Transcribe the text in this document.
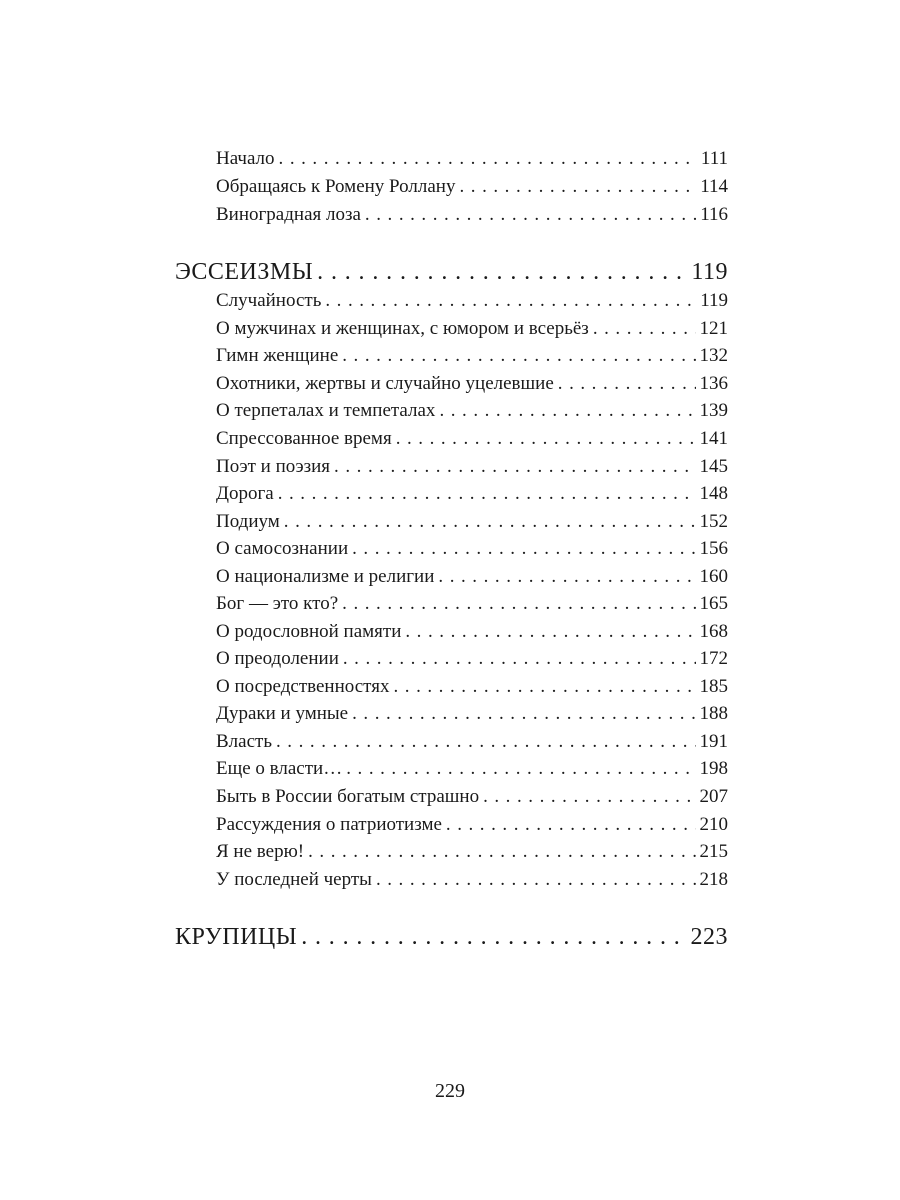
Начало . . .	111
Обращаясь к Ромену Роллану . . .	114
Виноградная лоза . . .	116
ЭССЕИЗМЫ . . .	119
Случайность . . .	119
О мужчинах и женщинах, с юмором и всерьёз . . .	121
Гимн женщине . . .	132
Охотники, жертвы и случайно уцелевшие . . .	136
О терпеталах и темпеталах . . .	139
Спрессованное время . . .	141
Поэт и поэзия . . .	145
Дорога . . .	148
Подиум . . .	152
О самосознании . . .	156
О национализме и религии . . .	160
Бог — это кто? . . .	165
О родословной памяти . . .	168
О преодолении . . .	172
О посредственностях . . .	185
Дураки и умные . . .	188
Власть . . .	191
Еще о власти… . . .	198
Быть в России богатым страшно . . .	207
Рассуждения о патриотизме . . .	210
Я не верю! . . .	215
У последней черты . . .	218
КРУПИЦЫ . . .	223
229
